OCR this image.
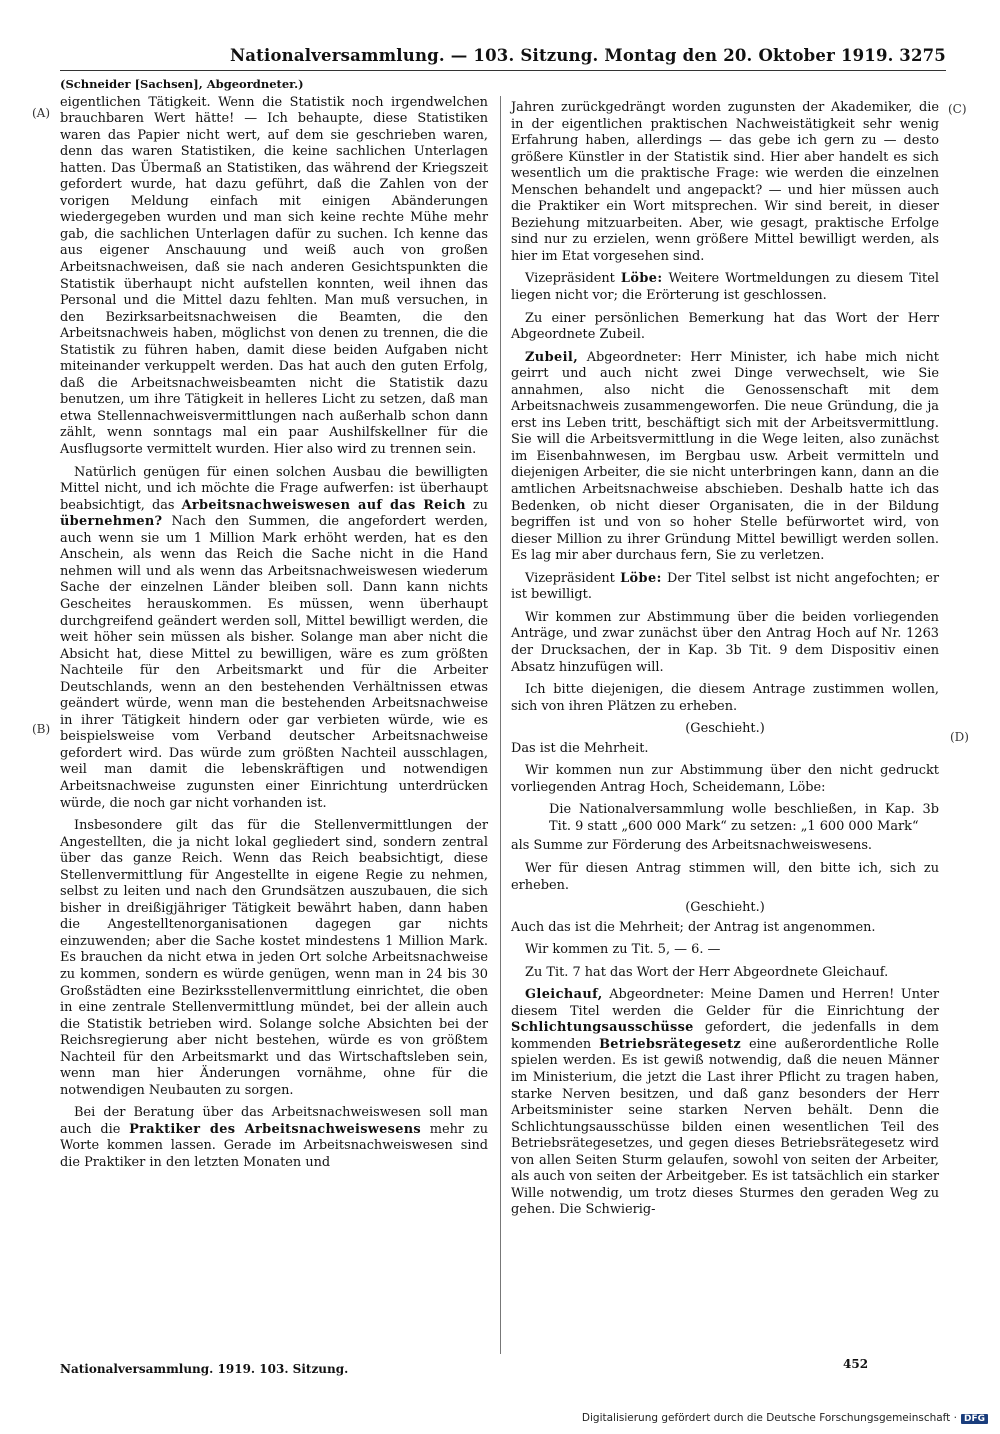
Nationalversammlung. — 103. Sitzung. Montag den 20. Oktober 1919. 3275
(A)
(B)
(C)
(D)

(Schneider [Sachsen], Abgeordneter.)

eigentlichen Tätigkeit. Wenn die Statistik noch irgendwelchen brauchbaren Wert hätte! — Ich behaupte, diese Statistiken waren das Papier nicht wert, auf dem sie geschrieben waren, denn das waren Statistiken, die keine sachlichen Unterlagen hatten. Das Übermaß an Statistiken, das während der Kriegszeit gefordert wurde, hat dazu geführt, daß die Zahlen von der vorigen Meldung einfach mit einigen Abänderungen wiedergegeben wurden und man sich keine rechte Mühe mehr gab, die sachlichen Unterlagen dafür zu suchen. Ich kenne das aus eigener Anschauung und weiß auch von großen Arbeitsnachweisen, daß sie nach anderen Gesichtspunkten die Statistik überhaupt nicht aufstellen konnten, weil ihnen das Personal und die Mittel dazu fehlten. Man muß versuchen, in den Bezirksarbeitsnachweisen die Beamten, die den Arbeitsnachweis haben, möglichst von denen zu trennen, die die Statistik zu führen haben, damit diese beiden Aufgaben nicht miteinander verkuppelt werden. Das hat auch den guten Erfolg, daß die Arbeitsnachweisbeamten nicht die Statistik dazu benutzen, um ihre Tätigkeit in helleres Licht zu setzen, daß man etwa Stellennachweisvermittlungen nach außerhalb schon dann zählt, wenn sonntags mal ein paar Aushilfskellner für die Ausflugsorte vermittelt wurden. Hier also wird zu trennen sein.

Natürlich genügen für einen solchen Ausbau die bewilligten Mittel nicht, und ich möchte die Frage aufwerfen: ist überhaupt beabsichtigt, das Arbeitsnachweiswesen auf das Reich zu übernehmen? Nach den Summen, die angefordert werden, auch wenn sie um 1 Million Mark erhöht werden, hat es den Anschein, als wenn das Reich die Sache nicht in die Hand nehmen will und als wenn das Arbeitsnachweiswesen wiederum Sache der einzelnen Länder bleiben soll. Dann kann nichts Gescheites herauskommen. Es müssen, wenn überhaupt durchgreifend geändert werden soll, Mittel bewilligt werden, die weit höher sein müssen als bisher. Solange man aber nicht die Absicht hat, diese Mittel zu bewilligen, wäre es zum größten Nachteile für den Arbeitsmarkt und für die Arbeiter Deutschlands, wenn an den bestehenden Verhältnissen etwas geändert würde, wenn man die bestehenden Arbeitsnachweise in ihrer Tätigkeit hindern oder gar verbieten würde, wie es beispielsweise vom Verband deutscher Arbeitsnachweise gefordert wird. Das würde zum größten Nachteil ausschlagen, weil man damit die lebenskräftigen und notwendigen Arbeitsnachweise zugunsten einer Einrichtung unterdrücken würde, die noch gar nicht vorhanden ist.

Insbesondere gilt das für die Stellenvermittlungen der Angestellten, die ja nicht lokal gegliedert sind, sondern zentral über das ganze Reich. Wenn das Reich beabsichtigt, diese Stellenvermittlung für Angestellte in eigene Regie zu nehmen, selbst zu leiten und nach den Grundsätzen auszubauen, die sich bisher in dreißigjähriger Tätigkeit bewährt haben, dann haben die Angestelltenorganisationen dagegen gar nichts einzuwenden; aber die Sache kostet mindestens 1 Million Mark. Es brauchen da nicht etwa in jeden Ort solche Arbeitsnachweise zu kommen, sondern es würde genügen, wenn man in 24 bis 30 Großstädten eine Bezirksstellenvermittlung einrichtet, die oben in eine zentrale Stellenvermittlung mündet, bei der allein auch die Statistik betrieben wird. Solange solche Absichten bei der Reichsregierung aber nicht bestehen, würde es von größtem Nachteil für den Arbeitsmarkt und das Wirtschaftsleben sein, wenn man hier Änderungen vornähme, ohne für die notwendigen Neubauten zu sorgen.

Bei der Beratung über das Arbeitsnachweiswesen soll man auch die Praktiker des Arbeitsnachweiswesens mehr zu Worte kommen lassen. Gerade im Arbeitsnachweiswesen sind die Praktiker in den letzten Monaten und

Jahren zurückgedrängt worden zugunsten der Akademiker, die in der eigentlichen praktischen Nachweistätigkeit sehr wenig Erfahrung haben, allerdings — das gebe ich gern zu — desto größere Künstler in der Statistik sind. Hier aber handelt es sich wesentlich um die praktische Frage: wie werden die einzelnen Menschen behandelt und angepackt? — und hier müssen auch die Praktiker ein Wort mitsprechen. Wir sind bereit, in dieser Beziehung mitzuarbeiten. Aber, wie gesagt, praktische Erfolge sind nur zu erzielen, wenn größere Mittel bewilligt werden, als hier im Etat vorgesehen sind.

Vizepräsident Löbe: Weitere Wortmeldungen zu diesem Titel liegen nicht vor; die Erörterung ist geschlossen.

Zu einer persönlichen Bemerkung hat das Wort der Herr Abgeordnete Zubeil.

Zubeil, Abgeordneter: Herr Minister, ich habe mich nicht geirrt und auch nicht zwei Dinge verwechselt, wie Sie annahmen, also nicht die Genossenschaft mit dem Arbeitsnachweis zusammengeworfen. Die neue Gründung, die ja erst ins Leben tritt, beschäftigt sich mit der Arbeitsvermittlung. Sie will die Arbeitsvermittlung in die Wege leiten, also zunächst im Eisenbahnwesen, im Bergbau usw. Arbeit vermitteln und diejenigen Arbeiter, die sie nicht unterbringen kann, dann an die amtlichen Arbeitsnachweise abschieben. Deshalb hatte ich das Bedenken, ob nicht dieser Organisaten, die in der Bildung begriffen ist und von so hoher Stelle befürwortet wird, von dieser Million zu ihrer Gründung Mittel bewilligt werden sollen. Es lag mir aber durchaus fern, Sie zu verletzen.

Vizepräsident Löbe: Der Titel selbst ist nicht angefochten; er ist bewilligt.

Wir kommen zur Abstimmung über die beiden vorliegenden Anträge, und zwar zunächst über den Antrag Hoch auf Nr. 1263 der Drucksachen, der in Kap. 3b Tit. 9 dem Dispositiv einen Absatz hinzufügen will.

Ich bitte diejenigen, die diesem Antrage zustimmen wollen, sich von ihren Plätzen zu erheben.

(Geschieht.)

Das ist die Mehrheit.

Wir kommen nun zur Abstimmung über den nicht gedruckt vorliegenden Antrag Hoch, Scheidemann, Löbe:

Die Nationalversammlung wolle beschließen, in Kap. 3b Tit. 9 statt „600 000 Mark“ zu setzen: „1 600 000 Mark“

als Summe zur Förderung des Arbeitsnachweiswesens.

Wer für diesen Antrag stimmen will, den bitte ich, sich zu erheben.

(Geschieht.)

Auch das ist die Mehrheit; der Antrag ist angenommen.

Wir kommen zu Tit. 5, — 6. —

Zu Tit. 7 hat das Wort der Herr Abgeordnete Gleichauf.

Gleichauf, Abgeordneter: Meine Damen und Herren! Unter diesem Titel werden die Gelder für die Einrichtung der Schlichtungsausschüsse gefordert, die jedenfalls in dem kommenden Betriebsrätegesetz eine außerordentliche Rolle spielen werden. Es ist gewiß notwendig, daß die neuen Männer im Ministerium, die jetzt die Last ihrer Pflicht zu tragen haben, starke Nerven besitzen, und daß ganz besonders der Herr Arbeitsminister seine starken Nerven behält. Denn die Schlichtungsausschüsse bilden einen wesentlichen Teil des Betriebsrätegesetzes, und gegen dieses Betriebsrätegesetz wird von allen Seiten Sturm gelaufen, sowohl von seiten der Arbeiter, als auch von seiten der Arbeitgeber. Es ist tatsächlich ein starker Wille notwendig, um trotz dieses Sturmes den geraden Weg zu gehen. Die Schwierig-

Nationalversammlung. 1919. 103. Sitzung.	452
Digitalisierung gefördert durch die Deutsche Forschungsgemeinschaft · DFG
